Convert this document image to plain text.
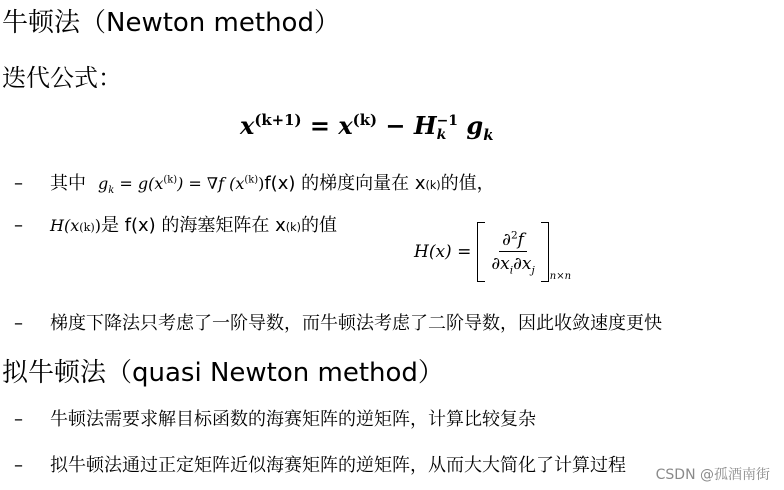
牛顿法（Newton method）
迭代公式：
$x^{(k+1)} = x^{(k)} - H -1$
k $g_k$
–	其中 $g_k = g(x^{(k)}) = \nabla f$ $(x^{(k)})$ f(x) 的梯度向量在 x (k) 的值，
–	H(x (k) ) 是 f(x) 的海塞矩阵在 x (k) 的值
$H(x) = \frac{\partial^2f}{\partial x_i\partial x_j}$
n×n
–	梯度下降法只考虑了一阶导数，而牛顿法考虑了二阶导数，因此收敛速度更快
拟牛顿法（quasi Newton method）
–	牛顿法需要求解目标函数的海赛矩阵的逆矩阵，计算比较复杂
–	拟牛顿法通过正定矩阵近似海赛矩阵的逆矩阵，从而大大简化了计算过程 CSDN @孤酒南街
